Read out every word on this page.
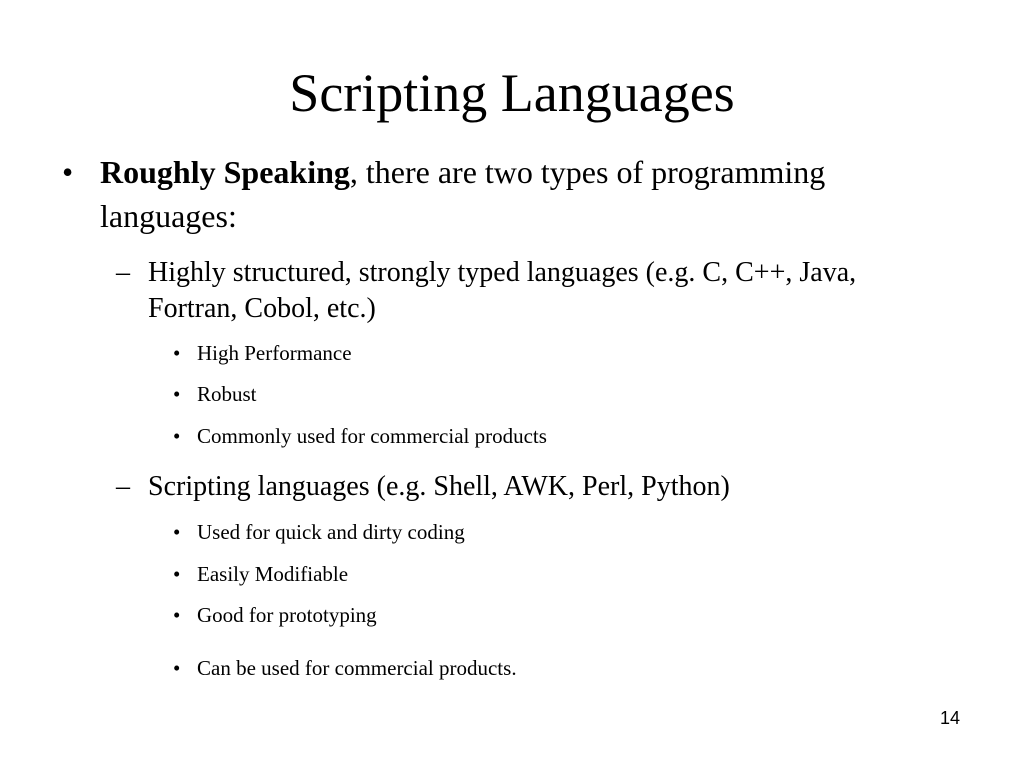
Scripting Languages
• Roughly Speaking, there are two types of programming languages:
– Highly structured, strongly typed languages (e.g. C, C++, Java, Fortran, Cobol, etc.)
• High Performance
• Robust
• Commonly used for commercial products
– Scripting languages (e.g. Shell, AWK, Perl, Python)
• Used for quick and dirty coding
• Easily Modifiable
• Good for prototyping
• Can be used for commercial products.
14
